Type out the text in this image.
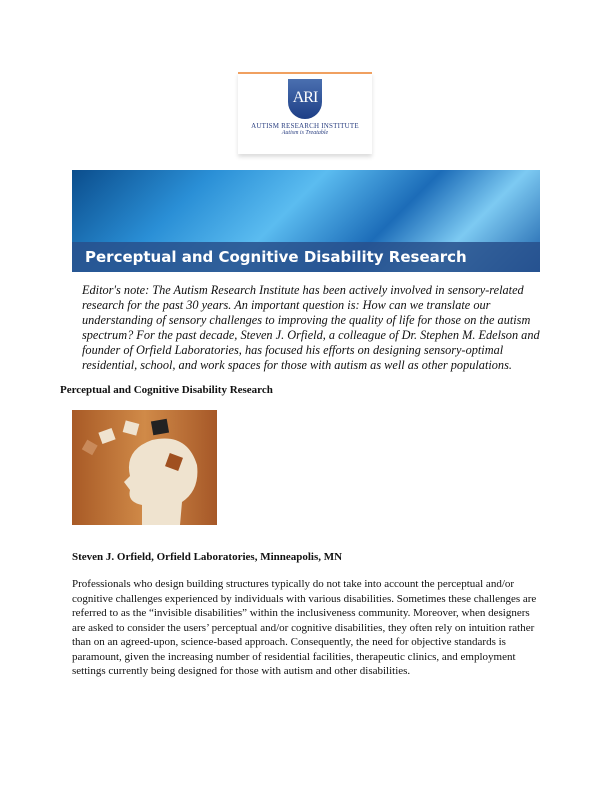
ARI
AUTISM RESEARCH INSTITUTE
Autism is Treatable
Perceptual and Cognitive Disability Research
Editor's note: The Autism Research Institute has been actively involved in sensory-related research for the past 30 years. An important question is: How can we translate our understanding of sensory challenges to improving the quality of life for those on the autism spectrum? For the past decade, Steven J. Orfield, a colleague of Dr. Stephen M. Edelson and founder of Orfield Laboratories, has focused his efforts on designing sensory-optimal residential, school, and work spaces for those with autism as well as other populations.
Perceptual and Cognitive Disability Research
Steven J. Orfield, Orfield Laboratories, Minneapolis, MN
Professionals who design building structures typically do not take into account the perceptual and/or cognitive challenges experienced by individuals with various disabilities. Sometimes these challenges are referred to as the “invisible disabilities” within the inclusiveness community. Moreover, when designers are asked to consider the users’ perceptual and/or cognitive disabilities, they often rely on intuition rather than on an agreed-upon, science-based approach. Consequently, the need for objective standards is paramount, given the increasing number of residential facilities, therapeutic clinics, and employment settings currently being designed for those with autism and other disabilities.
